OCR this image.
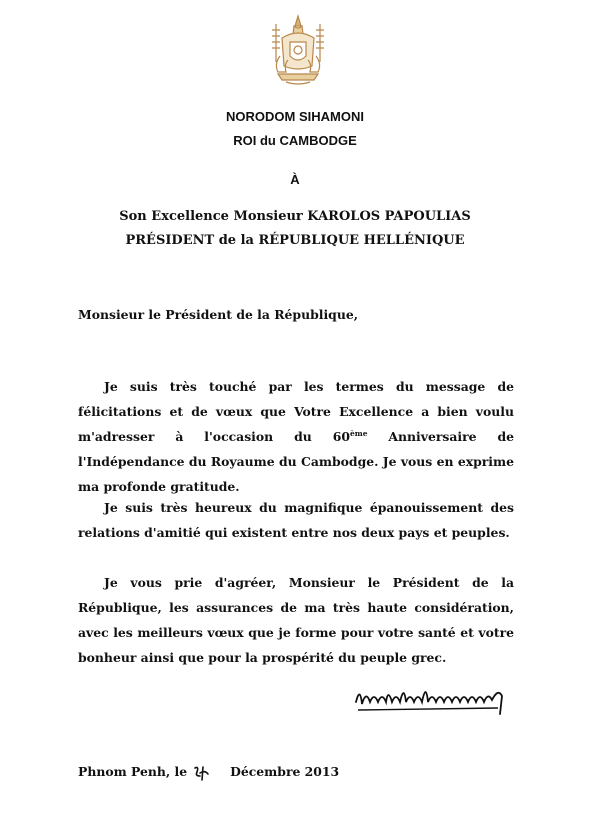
NORODOM SIHAMONI
ROI du CAMBODGE
À
Son Excellence Monsieur KAROLOS PAPOULIAS
PRÉSIDENT de la RÉPUBLIQUE HELLÉNIQUE
Monsieur le Président de la République,
Je suis très touché par les termes du message de félicitations et de vœux que Votre Excellence a bien voulu m'adresser à l'occasion du 60ème Anniversaire de l'Indépendance du Royaume du Cambodge. Je vous en exprime ma profonde gratitude.
Je suis très heureux du magnifique épanouissement des relations d'amitié qui existent entre nos deux pays et peuples.
Je vous prie d'agréer, Monsieur le Président de la République, les assurances de ma très haute considération, avec les meilleurs vœux que je forme pour votre santé et votre bonheur ainsi que pour la prospérité du peuple grec.
Phnom Penh, le	Décembre 2013
